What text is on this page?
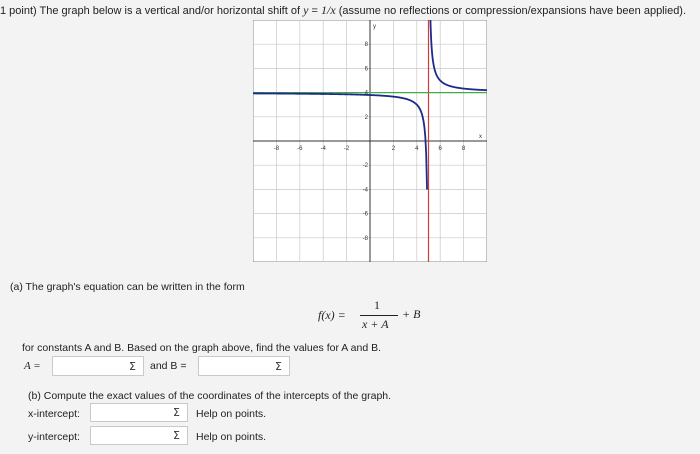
1 point) The graph below is a vertical and/or horizontal shift of y = 1/x (assume no reflections or compression/expansions have been applied).
-8	-6	-4	-2	2	4	6	8
8
6
4
2
-2
-4
-6
-8
x
y
(a) The graph's equation can be written in the form
f(x) =
1
x + A
+ B
for constants A and B. Based on the graph above, find the values for A and B.
A =	Σ and B =	Σ
(b) Compute the exact values of the coordinates of the intercepts of the graph.
x-intercept:	Σ Help on points.
y-intercept:	Σ Help on points.
